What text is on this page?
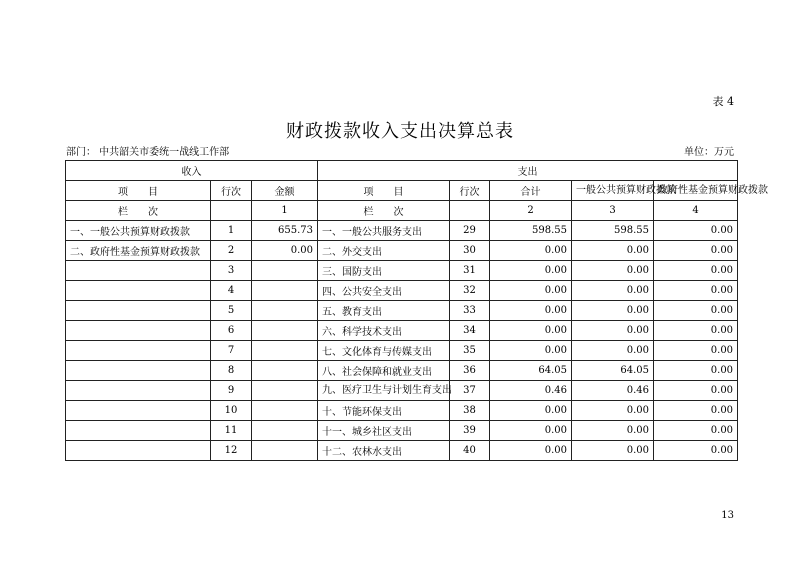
表 4
财政拨款收入支出决算总表
部门： 中共韶关市委统一战线工作部	单位：万元
收入			支出				
项　　目	行次	金额	项　　目	行次	合计	一般公共预算财政拨款	政府性基金预算财政拨款
栏　　次		1	栏　　次		2	3	4
一、一般公共预算财政拨款	1	655.73	一、一般公共服务支出	29	598.55	598.55	0.00
二、政府性基金预算财政拨款	2	0.00	二、外交支出	30	0.00	0.00	0.00
	3		三、国防支出	31	0.00	0.00	0.00
	4		四、公共安全支出	32	0.00	0.00	0.00
	5		五、教育支出	33	0.00	0.00	0.00
	6		六、科学技术支出	34	0.00	0.00	0.00
	7		七、文化体育与传媒支出	35	0.00	0.00	0.00
	8		八、社会保障和就业支出	36	64.05	64.05	0.00
	9		九、医疗卫生与计划生育支出	37	0.46	0.46	0.00
	10		十、节能环保支出	38	0.00	0.00	0.00
	11		十一、城乡社区支出	39	0.00	0.00	0.00
	12		十二、农林水支出	40	0.00	0.00	0.00
13
